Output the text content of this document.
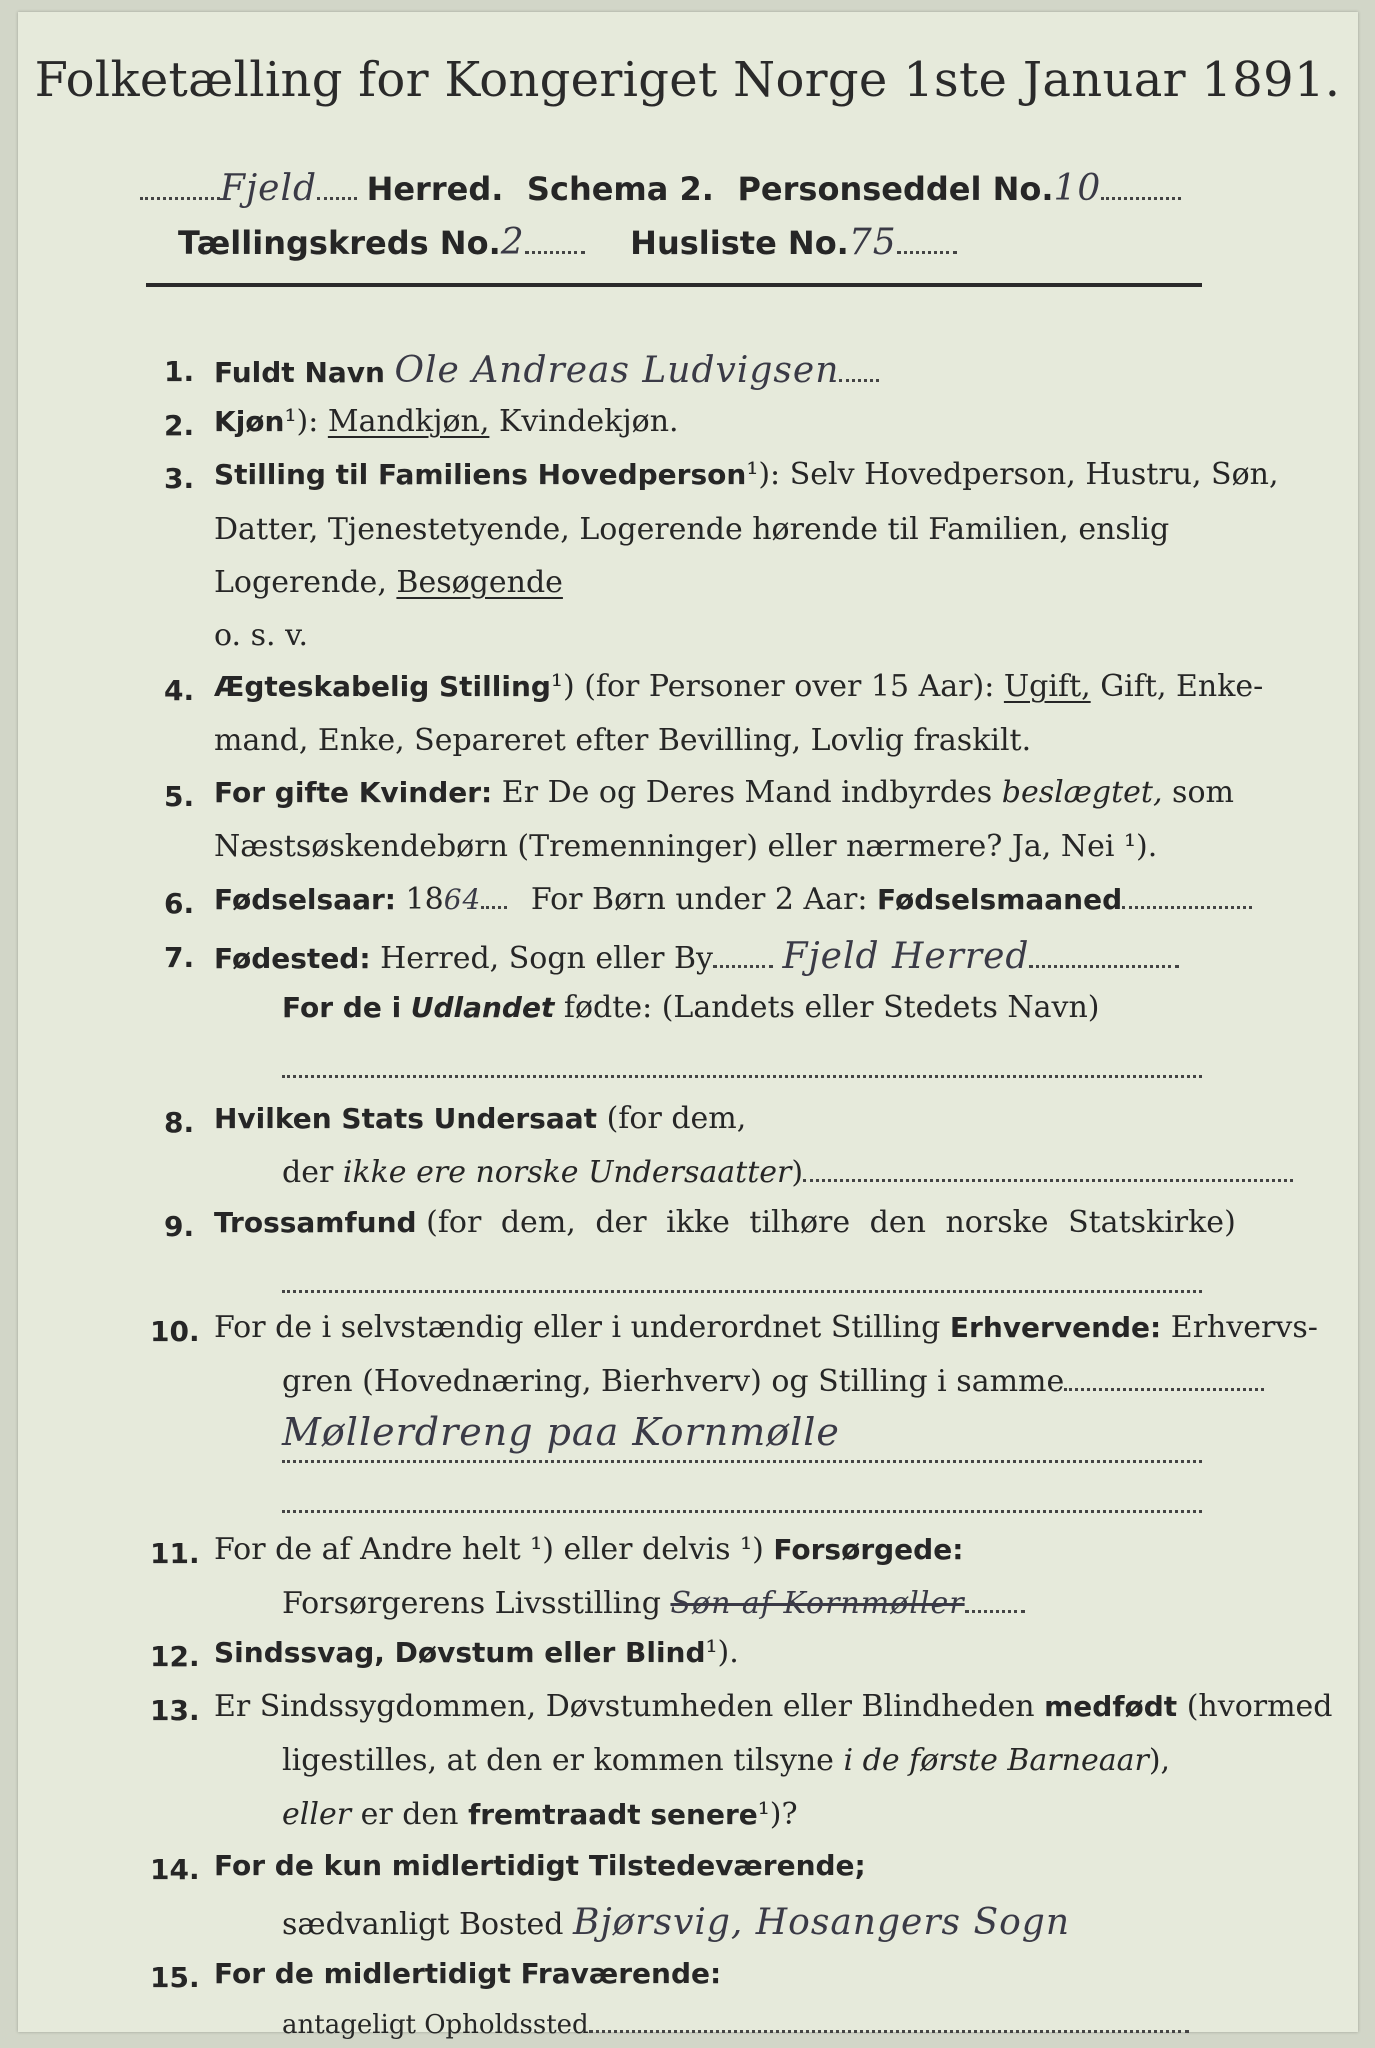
Folketælling for Kongeriget Norge 1ste Januar 1891.
Fjeld Herred. Schema 2. Personseddel No.10
Tællingskreds No.2	Husliste No.75
1. Fuldt Navn Ole Andreas Ludvigsen
2. Kjøn¹): Mandkjøn, Kvindekjøn.
3. Stilling til Familiens Hovedperson¹): Selv Hovedperson, Hustru, Søn,
Datter, Tjenestetyende, Logerende hørende til Familien, enslig
Logerende, Besøgende
o. s. v.
4. Ægteskabelig Stilling¹) (for Personer over 15 Aar): Ugift, Gift, Enke-
mand, Enke, Separeret efter Bevilling, Lovlig fraskilt.
5. For gifte Kvinder: Er De og Deres Mand indbyrdes beslægtet, som
Næstsøskendebørn (Tremenninger) eller nærmere? Ja, Nei ¹).
6. Fødselsaar: 1864 For Børn under 2 Aar: Fødselsmaaned
7. Fødested: Herred, Sogn eller By Fjeld Herred
For de i Udlandet fødte: (Landets eller Stedets Navn)
8. Hvilken Stats Undersaat (for dem,
der ikke ere norske Undersaatter)
9. Trossamfund (for dem, der ikke tilhøre den norske Statskirke)
10. For de i selvstændig eller i underordnet Stilling Erhvervende: Erhvervs-
gren (Hovednæring, Bierhverv) og Stilling i samme
Møllerdreng paa Kornmølle
11. For de af Andre helt ¹) eller delvis ¹) Forsørgede:
Forsørgerens Livsstilling Søn af Kornmøller
12. Sindssvag, Døvstum eller Blind¹).
13. Er Sindssygdommen, Døvstumheden eller Blindheden medfødt (hvormed
ligestilles, at den er kommen tilsyne i de første Barneaar),
eller er den fremtraadt senere¹)?
14. For de kun midlertidigt Tilstedeværende;
sædvanligt Bosted Bjørsvig, Hosangers Sogn
15. For de midlertidigt Fraværende:
antageligt Opholdssted
